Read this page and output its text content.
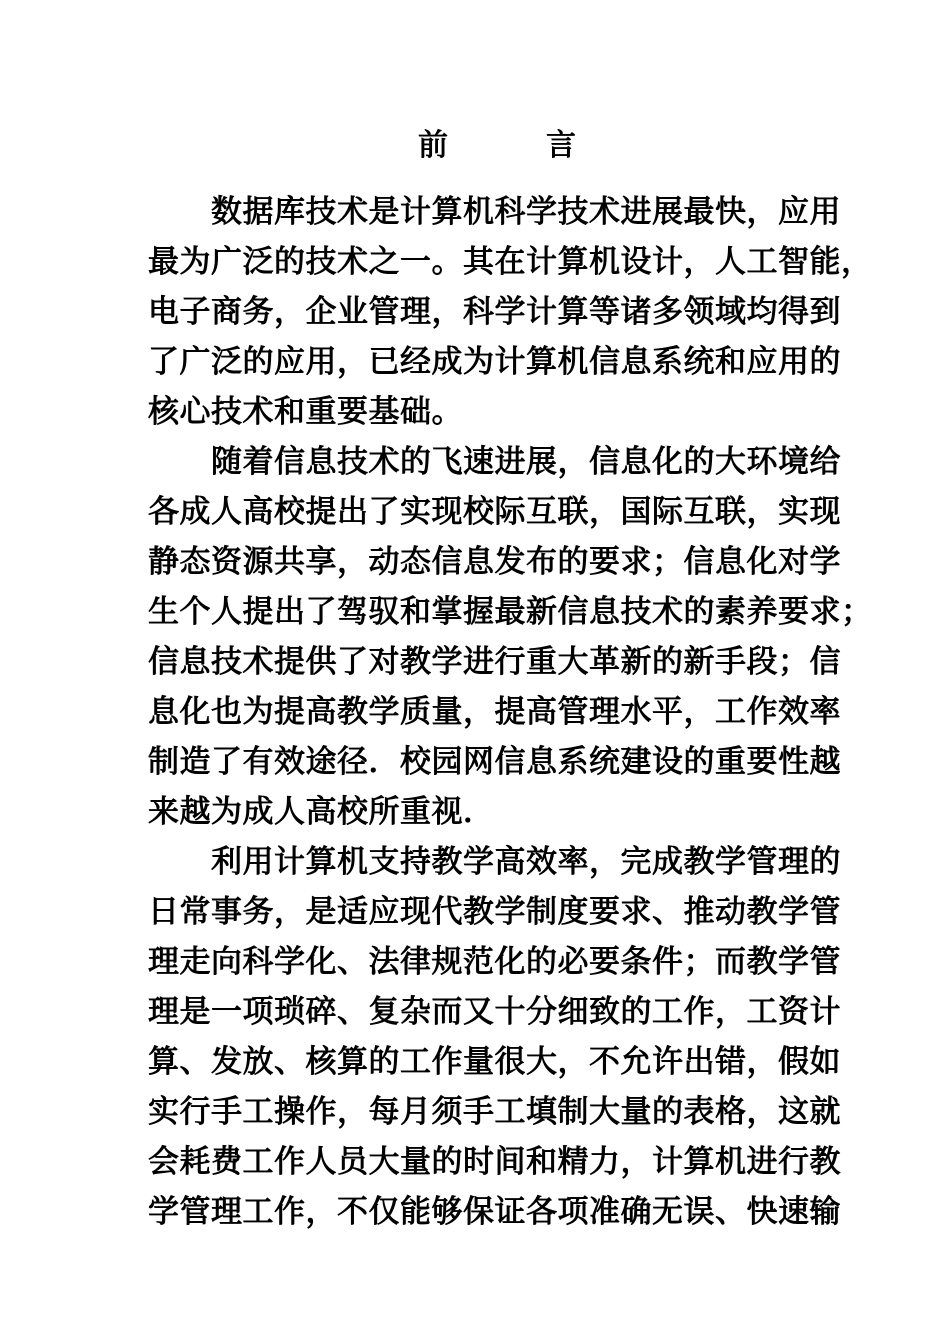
前	言
数据库技术是计算机科学技术进展最快，应用
最为广泛的技术之一。其在计算机设计，人工智能，
电子商务，企业管理，科学计算等诸多领域均得到
了广泛的应用，已经成为计算机信息系统和应用的
核心技术和重要基础。
随着信息技术的飞速进展，信息化的大环境给
各成人高校提出了实现校际互联，国际互联，实现
静态资源共享，动态信息发布的要求；信息化对学
生个人提出了驾驭和掌握最新信息技术的素养要求；
信息技术提供了对教学进行重大革新的新手段；信
息化也为提高教学质量，提高管理水平，工作效率
制造了有效途径．校园网信息系统建设的重要性越
来越为成人高校所重视．
利用计算机支持教学高效率，完成教学管理的
日常事务，是适应现代教学制度要求、推动教学管
理走向科学化、法律规范化的必要条件；而教学管
理是一项琐碎、复杂而又十分细致的工作，工资计
算、发放、核算的工作量很大，不允许出错，假如
实行手工操作，每月须手工填制大量的表格，这就
会耗费工作人员大量的时间和精力，计算机进行教
学管理工作，不仅能够保证各项准确无误、快速输
